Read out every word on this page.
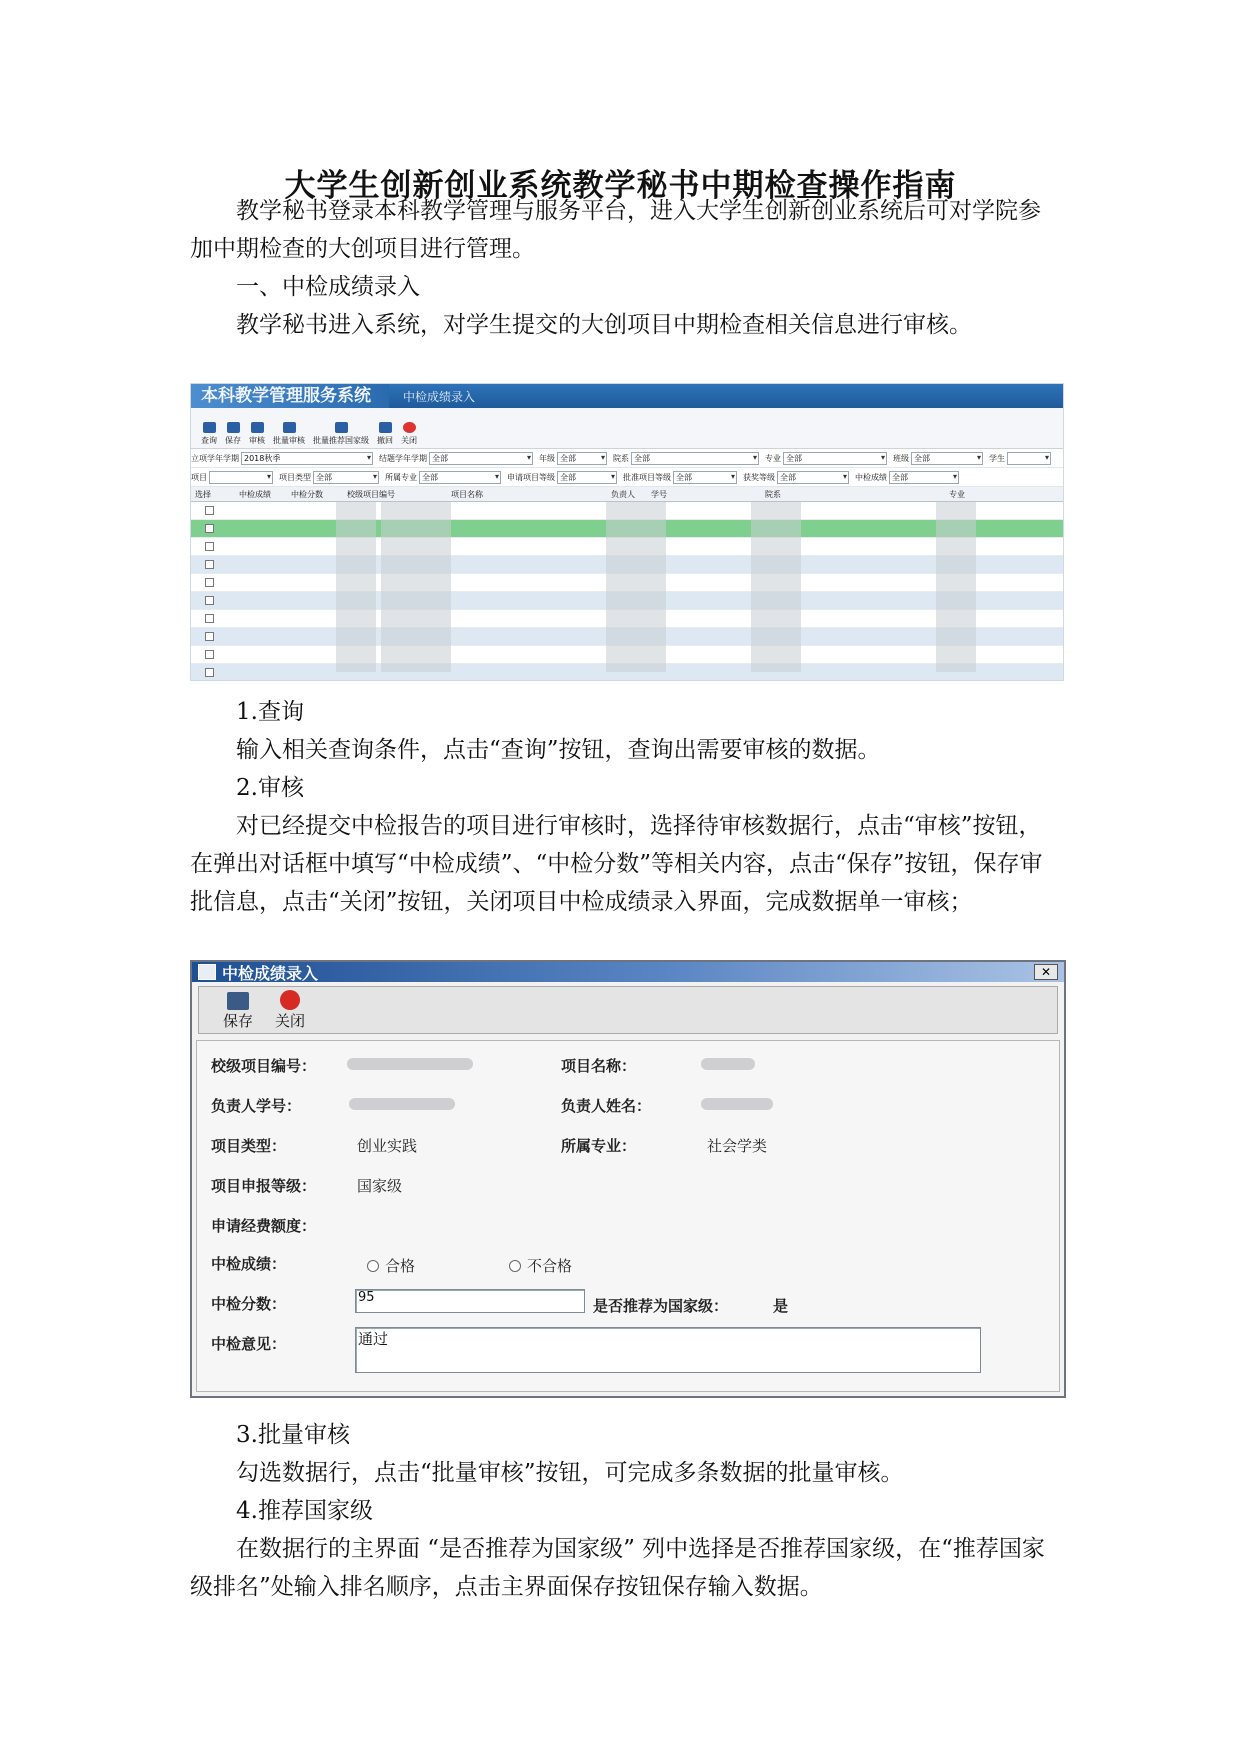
大学生创新创业系统教学秘书中期检查操作指南
教学秘书登录本科教学管理与服务平台，进入大学生创新创业系统后可对学院参加中期检查的大创项目进行管理。
一、中检成绩录入
教学秘书进入系统，对学生提交的大创项目中期检查相关信息进行审核。
本科教学管理服务系统	中检成绩录入
查询 保存 审核 批量审核 批量推荐国家级 撤回 关闭
立项学年学期 2018秋季 ▾	结题学年学期 全部 ▾	年级 全部 ▾	院系 全部 ▾	专业 全部 ▾	班级 全部 ▾	学生
▾
项目
▾	项目类型 全部 ▾	所属专业 全部 ▾	申请项目等级 全部 ▾	批准项目等级 全部 ▾	获奖等级 全部 ▾	中检成绩 全部 ▾
选择	中检成绩	中检分数	校级项目编号	项目名称	负责人	学号	院系	专业
1.查询
输入相关查询条件，点击“查询”按钮，查询出需要审核的数据。
2.审核
对已经提交中检报告的项目进行审核时，选择待审核数据行，点击“审核”按钮，在弹出对话框中填写“中检成绩”、“中检分数”等相关内容，点击“保存”按钮，保存审批信息，点击“关闭”按钮，关闭项目中检成绩录入界面，完成数据单一审核；
中检成绩录入	✕
保存 关闭
校级项目编号：	项目名称：
负责人学号：	负责人姓名：
项目类型：	创业实践	所属专业：	社会学类
项目申报等级：	国家级
申请经费额度：
中检成绩：	合格	不合格
中检分数：	95	是否推荐为国家级：	是
中检意见：	通过
3.批量审核
勾选数据行，点击“批量审核”按钮，可完成多条数据的批量审核。
4.推荐国家级
在数据行的主界面 “是否推荐为国家级” 列中选择是否推荐国家级，在“推荐国家级排名”处输入排名顺序，点击主界面保存按钮保存输入数据。
